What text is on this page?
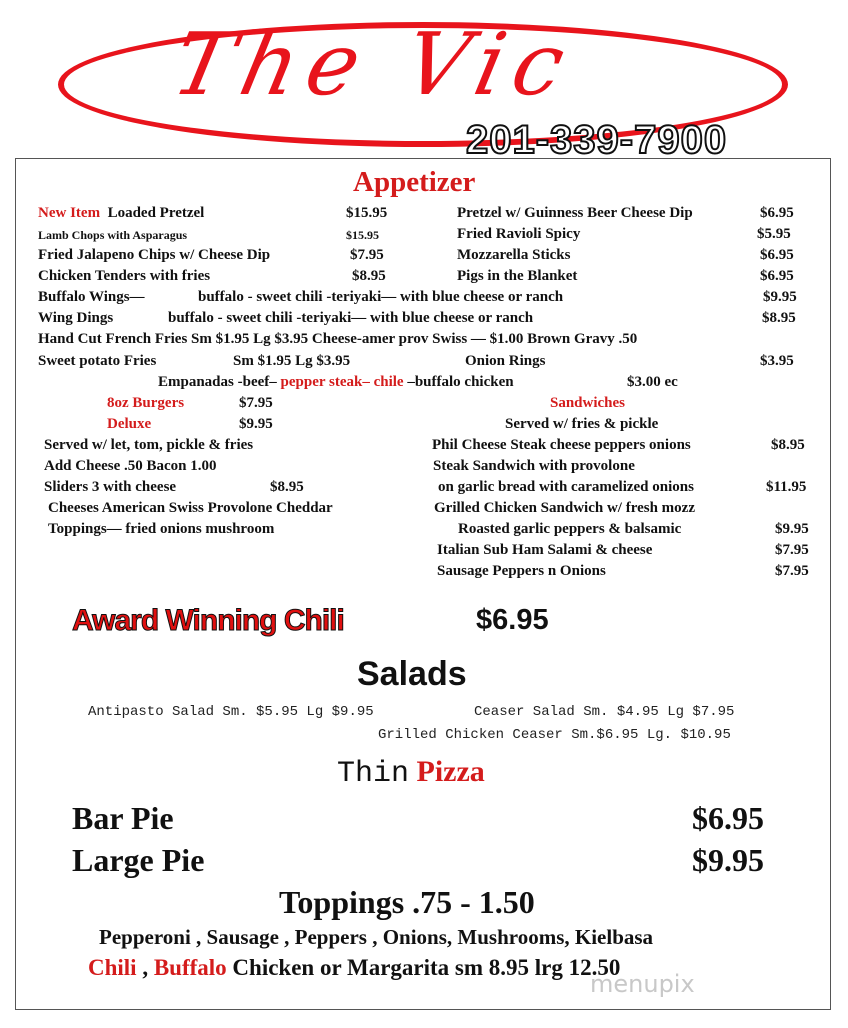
The Vic
201-339-7900
Appetizer
New Item Loaded Pretzel	$15.95
Lamb Chops with Asparagus	$15.95
Fried Jalapeno Chips w/ Cheese Dip	$7.95
Chicken Tenders with fries	$8.95
Pretzel w/ Guinness Beer Cheese Dip	$6.95
Fried Ravioli Spicy	$5.95
Mozzarella Sticks	$6.95
Pigs in the Blanket	$6.95
Buffalo Wings—	buffalo - sweet chili -teriyaki— with blue cheese or ranch	$9.95
Wing Dings	buffalo - sweet chili -teriyaki— with blue cheese or ranch	$8.95
Hand Cut French Fries Sm $1.95 Lg $3.95 Cheese-amer prov Swiss — $1.00 Brown Gravy .50
Sweet potato Fries	Sm $1.95 Lg $3.95	Onion Rings	$3.95
Empanadas -beef– pepper steak– chile –buffalo chicken	$3.00 ec
8oz Burgers	$7.95
Deluxe	$9.95
Served w/ let, tom, pickle & fries
Add Cheese .50 Bacon 1.00
Sliders 3 with cheese	$8.95
Cheeses American Swiss Provolone Cheddar
Toppings— fried onions mushroom
Sandwiches
Served w/ fries & pickle
Phil Cheese Steak cheese peppers onions	$8.95
Steak Sandwich with provolone
on garlic bread with caramelized onions	$11.95
Grilled Chicken Sandwich w/ fresh mozz
Roasted garlic peppers & balsamic	$9.95
Italian Sub Ham Salami & cheese	$7.95
Sausage Peppers n Onions	$7.95
Award Winning Chili	$6.95
Salads
Antipasto Salad Sm. $5.95 Lg $9.95	Ceaser Salad Sm. $4.95 Lg $7.95
Grilled Chicken Ceaser Sm.$6.95 Lg. $10.95
Thin Pizza
Bar Pie	$6.95
Large Pie	$9.95
Toppings .75 - 1.50
Pepperoni , Sausage , Peppers , Onions, Mushrooms, Kielbasa
Chili , Buffalo Chicken or Margarita sm 8.95 lrg 12.50
menupix
